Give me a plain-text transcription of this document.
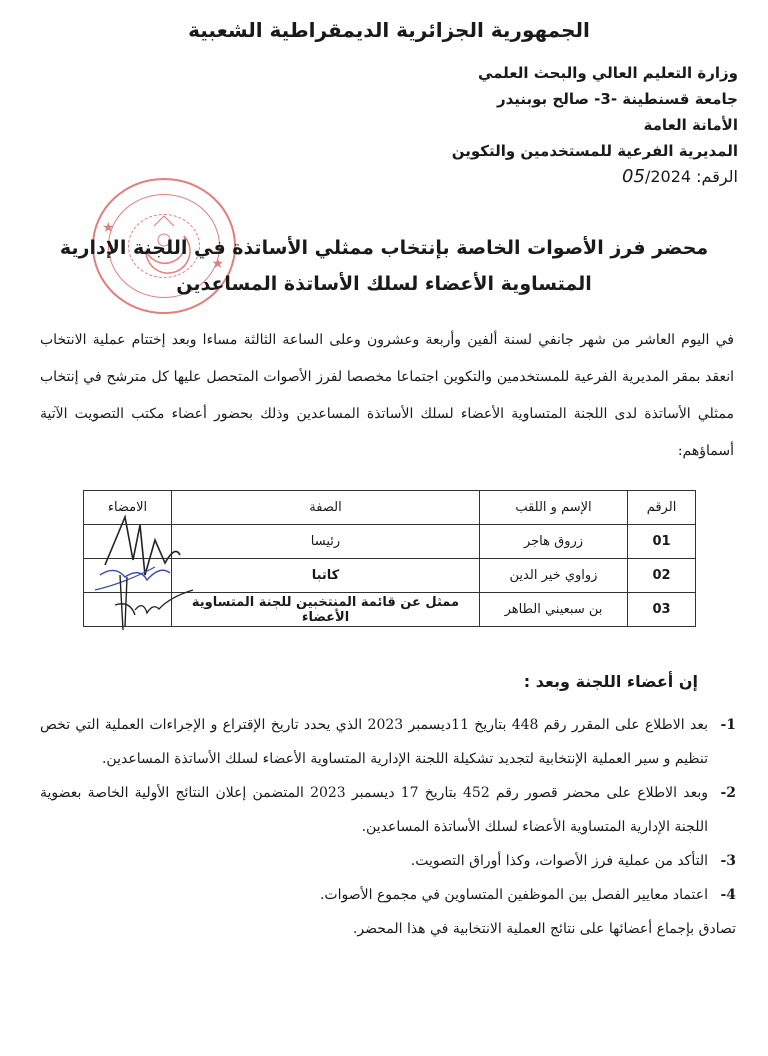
الجمهورية الجزائرية الديمقراطية الشعبية
وزارة التعليم العالي والبحث العلمي
جامعة قسنطينة -3- صالح بوبنيدر
الأمانة العامة
المديرية الفرعية للمستخدمين والتكوين
الرقم: 05/2024
★
★
محضر فرز الأصوات الخاصة بإنتخاب ممثلي الأساتذة في اللجنة الإدارية
المتساوية الأعضاء لسلك الأساتذة المساعدين
في اليوم العاشر من شهر جانفي لسنة ألفين وأربعة وعشرون وعلى الساعة الثالثة مساءا وبعد إختتام عملية الانتخاب انعقد بمقر المديرية الفرعية للمستخدمين والتكوين اجتماعا مخصصا لفرز الأصوات المتحصل عليها كل مترشح في إنتخاب ممثلي الأساتذة لدى اللجنة المتساوية الأعضاء لسلك الأساتذة المساعدين وذلك بحضور أعضاء مكتب التصويت الآتية أسماؤهم:
الرقم	الإسم و اللقب	الصفة	الامضاء
01	زروق هاجر	رئيسا	
02	زواوي خير الدين	كاتبا	
03	بن سبعيني الطاهر	ممثل عن قائمة المنتخبين للجنة المتساوية الأعضاء	
إن أعضاء اللجنة وبعد :
1-
بعد الاطلاع على المقرر رقم 448 بتاريخ 11ديسمبر 2023 الذي يحدد تاريخ الإقتراع و الإجراءات العملية التي تخص تنظيم و سير العملية الإنتخابية لتجديد تشكيلة اللجنة الإدارية المتساوية الأعضاء لسلك الأساتذة المساعدين.
2-
وبعد الاطلاع على محضر قصور رقم 452 بتاريخ 17 ديسمبر 2023 المتضمن إعلان النتائج الأولية الخاصة بعضوية اللجنة الإدارية المتساوية الأعضاء لسلك الأساتذة المساعدين.
3-
التأكد من عملية فرز الأصوات، وكذا أوراق التصويت.
4-
اعتماد معايير الفصل بين الموظفين المتساوين في مجموع الأصوات.
تصادق بإجماع أعضائها على نتائج العملية الانتخابية في هذا المحضر.
